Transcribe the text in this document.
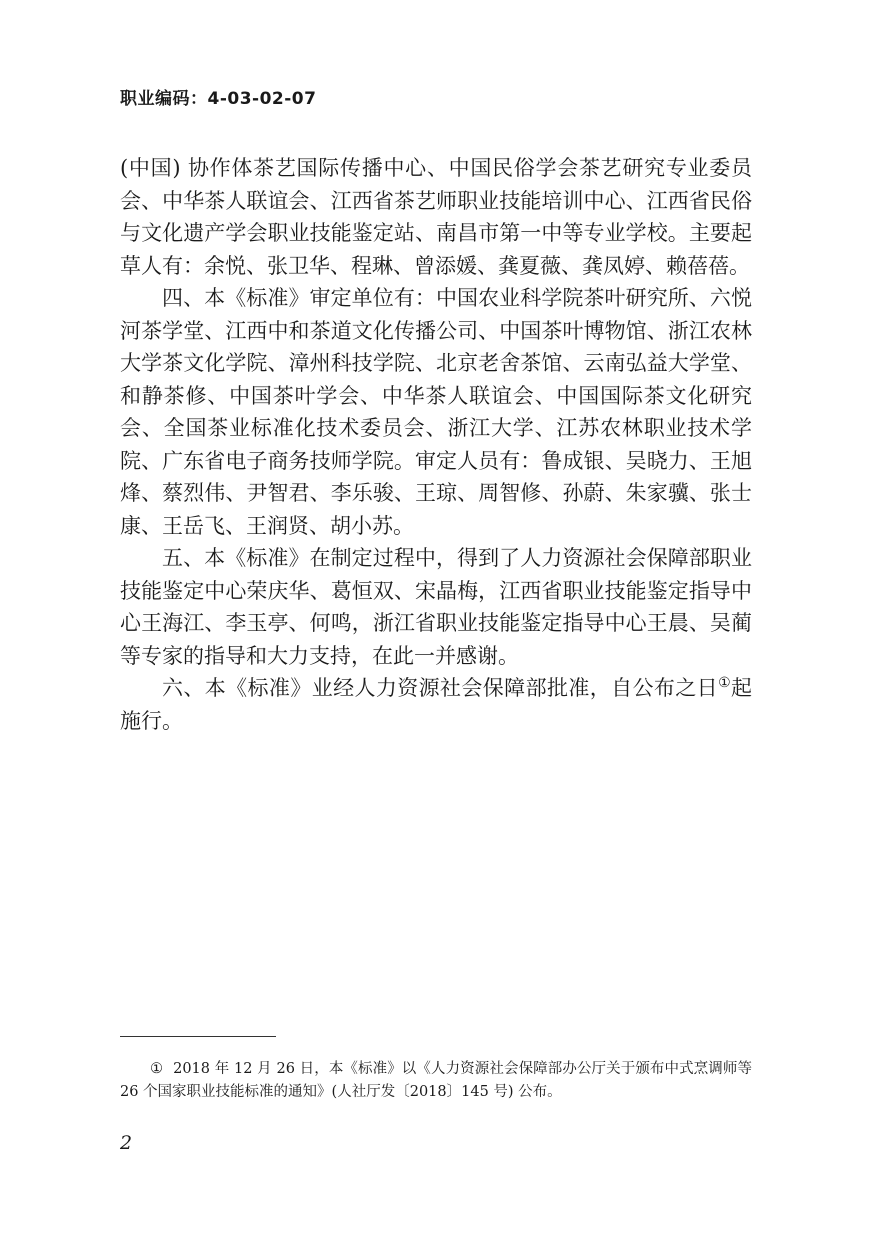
职业编码：4-03-02-07

(中国) 协作体茶艺国际传播中心、中国民俗学会茶艺研究专业委员会、中华茶人联谊会、江西省茶艺师职业技能培训中心、江西省民俗与文化遗产学会职业技能鉴定站、南昌市第一中等专业学校。主要起草人有：余悦、张卫华、程琳、曾添媛、龚夏薇、龚凤婷、赖蓓蓓。

四、本《标准》审定单位有：中国农业科学院茶叶研究所、六悦河茶学堂、江西中和茶道文化传播公司、中国茶叶博物馆、浙江农林大学茶文化学院、漳州科技学院、北京老舍茶馆、云南弘益大学堂、和静茶修、中国茶叶学会、中华茶人联谊会、中国国际茶文化研究会、全国茶业标准化技术委员会、浙江大学、江苏农林职业技术学院、广东省电子商务技师学院。审定人员有：鲁成银、吴晓力、王旭烽、蔡烈伟、尹智君、李乐骏、王琼、周智修、孙蔚、朱家骥、张士康、王岳飞、王润贤、胡小苏。

五、本《标准》在制定过程中，得到了人力资源社会保障部职业技能鉴定中心荣庆华、葛恒双、宋晶梅，江西省职业技能鉴定指导中心王海江、李玉亭、何鸣，浙江省职业技能鉴定指导中心王晨、吴蔺等专家的指导和大力支持，在此一并感谢。

六、本《标准》业经人力资源社会保障部批准，自公布之日①起施行。

① 2018 年 12 月 26 日，本《标准》以《人力资源社会保障部办公厅关于颁布中式烹调师等 26 个国家职业技能标准的通知》(人社厅发〔2018〕145 号) 公布。
2
